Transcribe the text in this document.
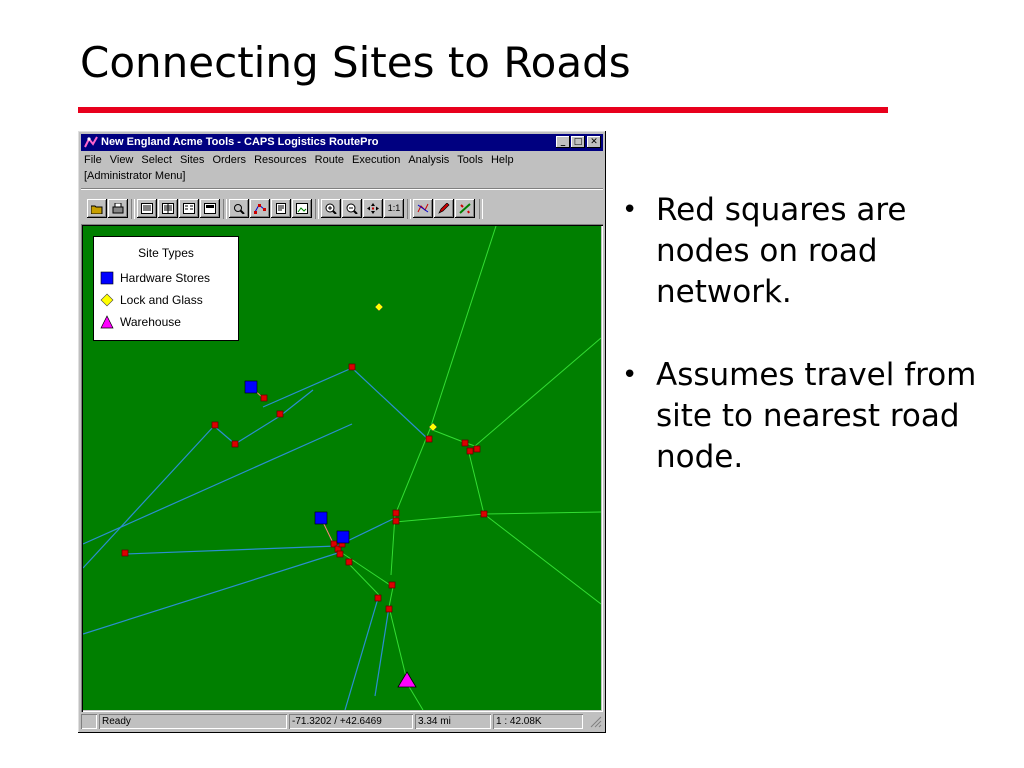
Connecting Sites to Roads
New England Acme Tools - CAPS Logistics RoutePro	_ □ ✕
File View Select Sites Orders Resources Route Execution Analysis Tools Help
[Administrator Menu]
1:1
Site Types
Hardware Stores
Lock and Glass
Warehouse
Ready	-71.3202 / +42.6469	3.34 mi	1 : 42.08K
• Red squares are nodes on road network.
• Assumes travel from site to nearest road node.
